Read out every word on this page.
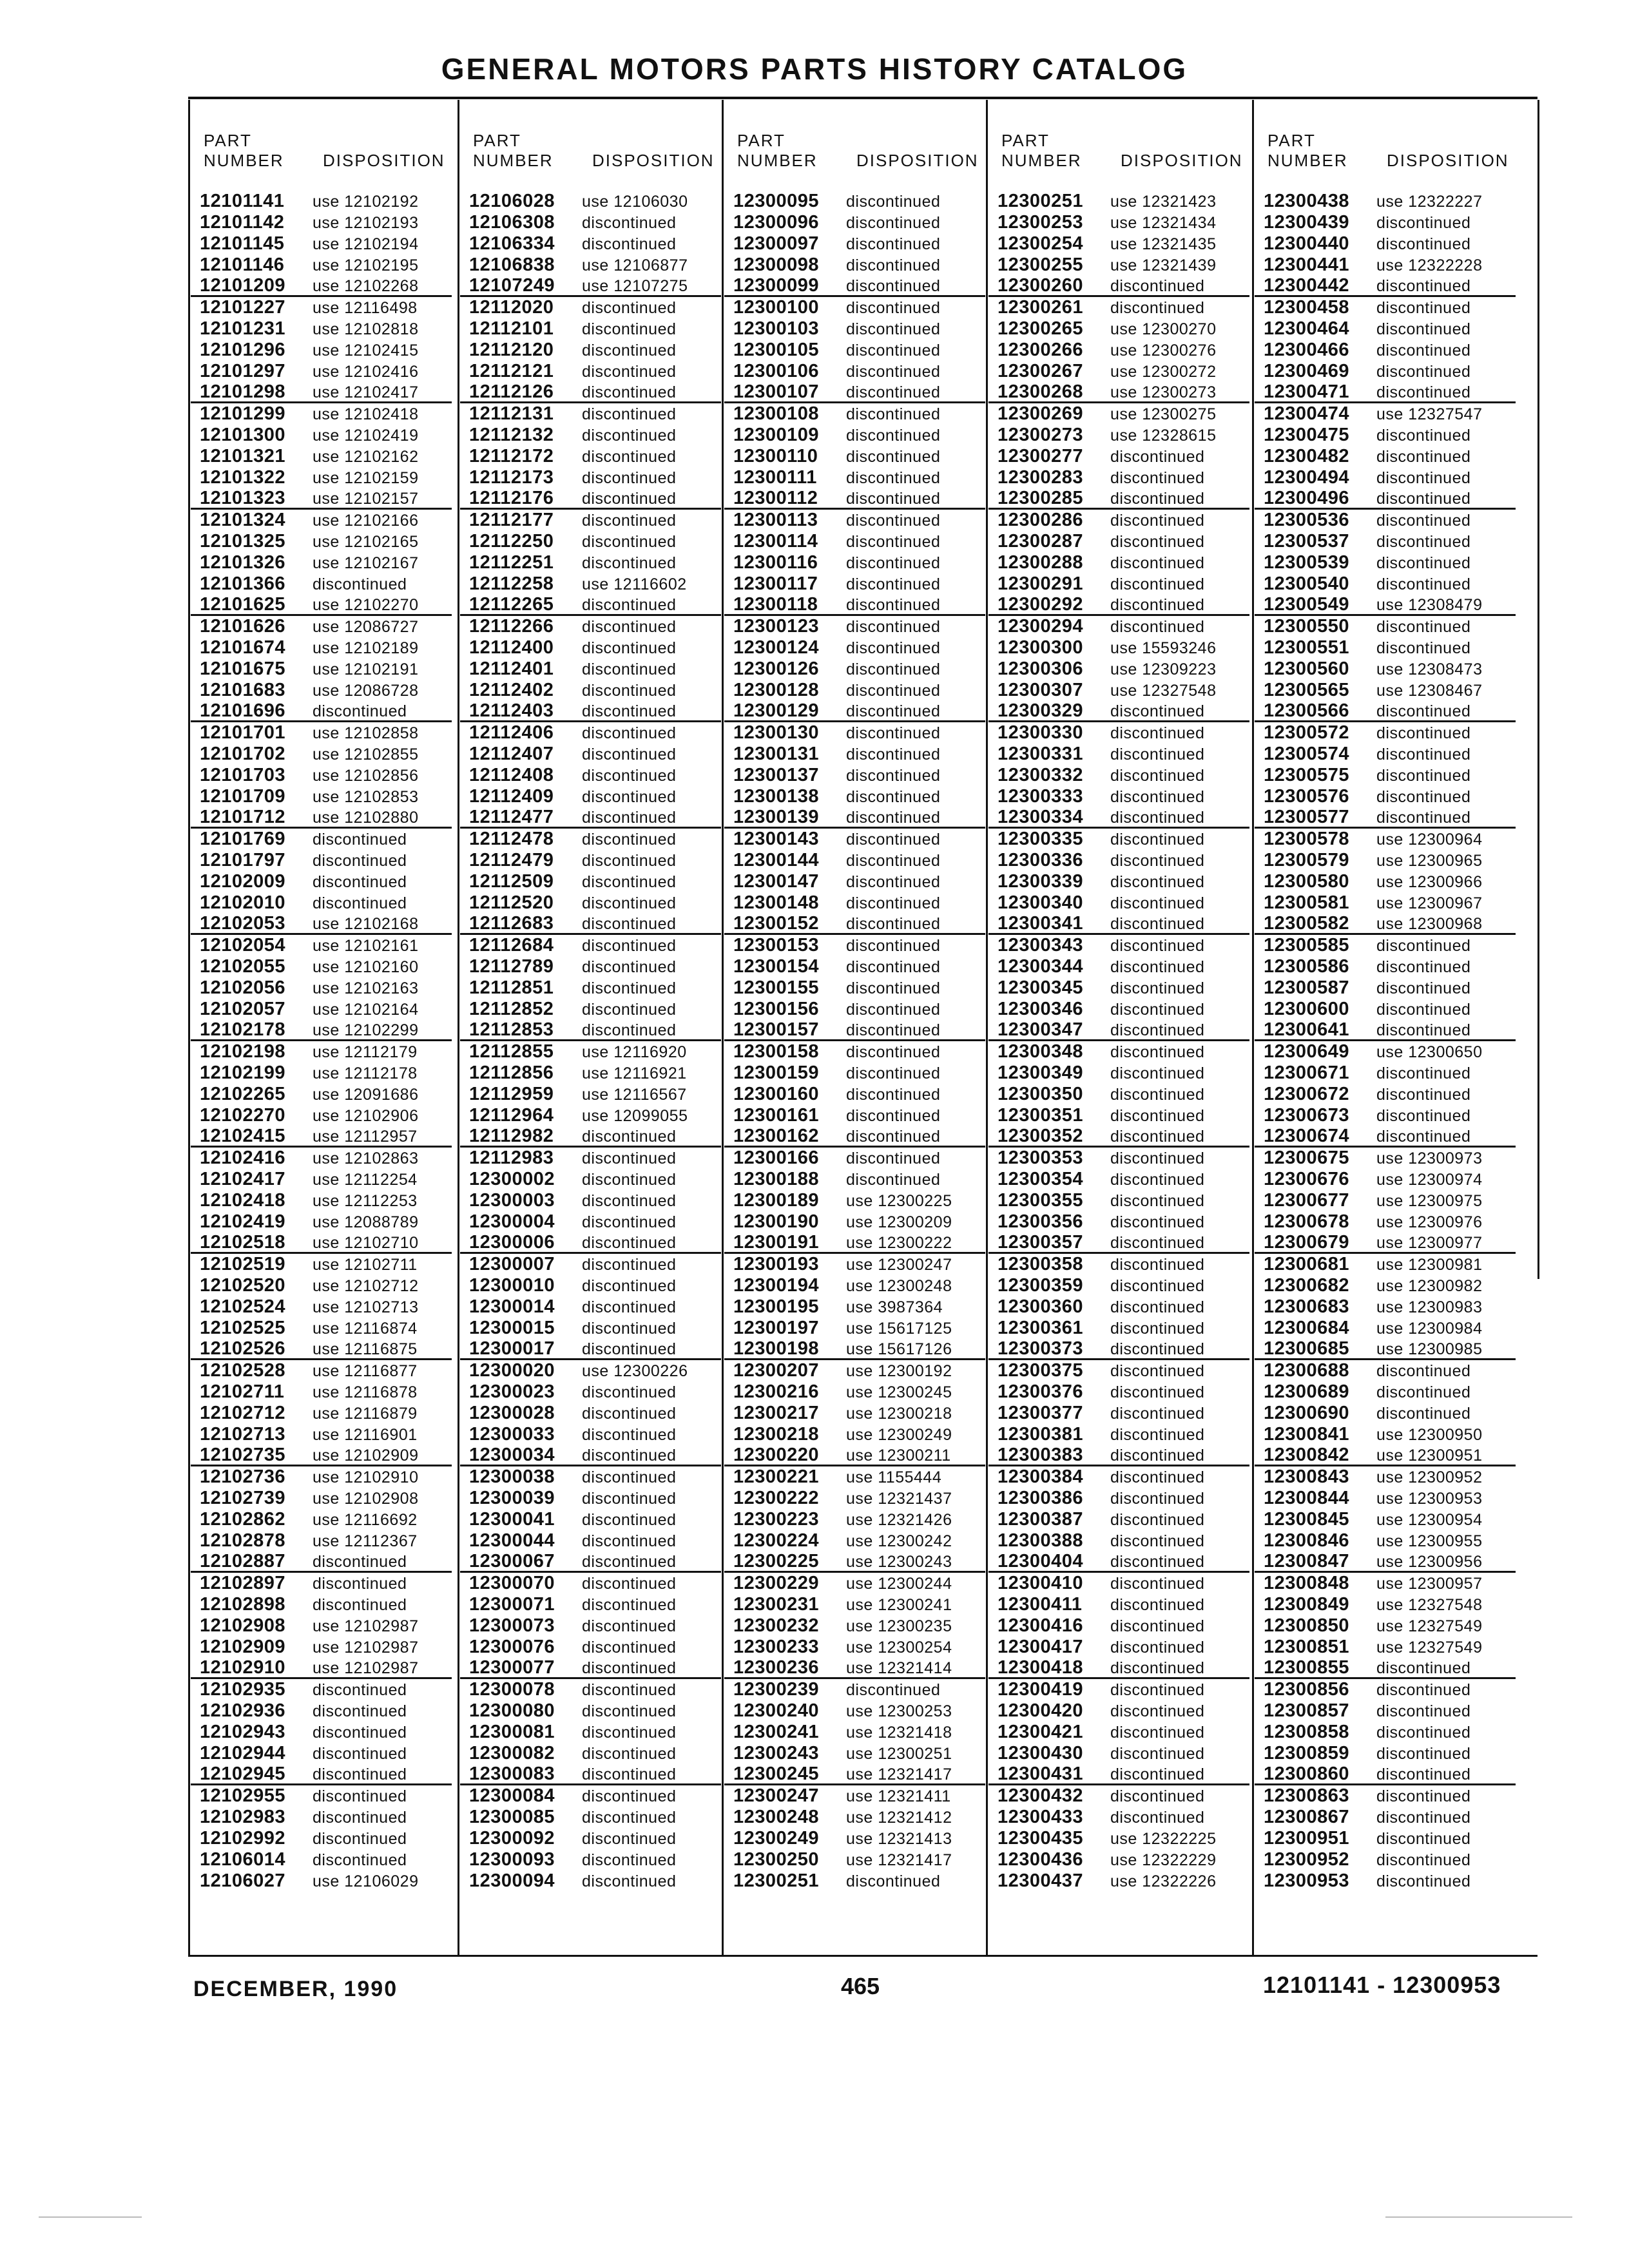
GENERAL MOTORS PARTS HISTORY CATALOG
PART
NUMBER DISPOSITION
12101141 use 12102192
12101142 use 12102193
12101145 use 12102194
12101146 use 12102195
12101209 use 12102268
12101227 use 12116498
12101231 use 12102818
12101296 use 12102415
12101297 use 12102416
12101298 use 12102417
12101299 use 12102418
12101300 use 12102419
12101321 use 12102162
12101322 use 12102159
12101323 use 12102157
12101324 use 12102166
12101325 use 12102165
12101326 use 12102167
12101366 discontinued
12101625 use 12102270
12101626 use 12086727
12101674 use 12102189
12101675 use 12102191
12101683 use 12086728
12101696 discontinued
12101701 use 12102858
12101702 use 12102855
12101703 use 12102856
12101709 use 12102853
12101712 use 12102880
12101769 discontinued
12101797 discontinued
12102009 discontinued
12102010 discontinued
12102053 use 12102168
12102054 use 12102161
12102055 use 12102160
12102056 use 12102163
12102057 use 12102164
12102178 use 12102299
12102198 use 12112179
12102199 use 12112178
12102265 use 12091686
12102270 use 12102906
12102415 use 12112957
12102416 use 12102863
12102417 use 12112254
12102418 use 12112253
12102419 use 12088789
12102518 use 12102710
12102519 use 12102711
12102520 use 12102712
12102524 use 12102713
12102525 use 12116874
12102526 use 12116875
12102528 use 12116877
12102711 use 12116878
12102712 use 12116879
12102713 use 12116901
12102735 use 12102909
12102736 use 12102910
12102739 use 12102908
12102862 use 12116692
12102878 use 12112367
12102887 discontinued
12102897 discontinued
12102898 discontinued
12102908 use 12102987
12102909 use 12102987
12102910 use 12102987
12102935 discontinued
12102936 discontinued
12102943 discontinued
12102944 discontinued
12102945 discontinued
12102955 discontinued
12102983 discontinued
12102992 discontinued
12106014 discontinued
12106027 use 12106029
PART
NUMBER DISPOSITION
12106028 use 12106030
12106308 discontinued
12106334 discontinued
12106838 use 12106877
12107249 use 12107275
12112020 discontinued
12112101 discontinued
12112120 discontinued
12112121 discontinued
12112126 discontinued
12112131 discontinued
12112132 discontinued
12112172 discontinued
12112173 discontinued
12112176 discontinued
12112177 discontinued
12112250 discontinued
12112251 discontinued
12112258 use 12116602
12112265 discontinued
12112266 discontinued
12112400 discontinued
12112401 discontinued
12112402 discontinued
12112403 discontinued
12112406 discontinued
12112407 discontinued
12112408 discontinued
12112409 discontinued
12112477 discontinued
12112478 discontinued
12112479 discontinued
12112509 discontinued
12112520 discontinued
12112683 discontinued
12112684 discontinued
12112789 discontinued
12112851 discontinued
12112852 discontinued
12112853 discontinued
12112855 use 12116920
12112856 use 12116921
12112959 use 12116567
12112964 use 12099055
12112982 discontinued
12112983 discontinued
12300002 discontinued
12300003 discontinued
12300004 discontinued
12300006 discontinued
12300007 discontinued
12300010 discontinued
12300014 discontinued
12300015 discontinued
12300017 discontinued
12300020 use 12300226
12300023 discontinued
12300028 discontinued
12300033 discontinued
12300034 discontinued
12300038 discontinued
12300039 discontinued
12300041 discontinued
12300044 discontinued
12300067 discontinued
12300070 discontinued
12300071 discontinued
12300073 discontinued
12300076 discontinued
12300077 discontinued
12300078 discontinued
12300080 discontinued
12300081 discontinued
12300082 discontinued
12300083 discontinued
12300084 discontinued
12300085 discontinued
12300092 discontinued
12300093 discontinued
12300094 discontinued
PART
NUMBER DISPOSITION
12300095 discontinued
12300096 discontinued
12300097 discontinued
12300098 discontinued
12300099 discontinued
12300100 discontinued
12300103 discontinued
12300105 discontinued
12300106 discontinued
12300107 discontinued
12300108 discontinued
12300109 discontinued
12300110 discontinued
12300111 discontinued
12300112 discontinued
12300113 discontinued
12300114 discontinued
12300116 discontinued
12300117 discontinued
12300118 discontinued
12300123 discontinued
12300124 discontinued
12300126 discontinued
12300128 discontinued
12300129 discontinued
12300130 discontinued
12300131 discontinued
12300137 discontinued
12300138 discontinued
12300139 discontinued
12300143 discontinued
12300144 discontinued
12300147 discontinued
12300148 discontinued
12300152 discontinued
12300153 discontinued
12300154 discontinued
12300155 discontinued
12300156 discontinued
12300157 discontinued
12300158 discontinued
12300159 discontinued
12300160 discontinued
12300161 discontinued
12300162 discontinued
12300166 discontinued
12300188 discontinued
12300189 use 12300225
12300190 use 12300209
12300191 use 12300222
12300193 use 12300247
12300194 use 12300248
12300195 use 3987364
12300197 use 15617125
12300198 use 15617126
12300207 use 12300192
12300216 use 12300245
12300217 use 12300218
12300218 use 12300249
12300220 use 12300211
12300221 use 1155444
12300222 use 12321437
12300223 use 12321426
12300224 use 12300242
12300225 use 12300243
12300229 use 12300244
12300231 use 12300241
12300232 use 12300235
12300233 use 12300254
12300236 use 12321414
12300239 discontinued
12300240 use 12300253
12300241 use 12321418
12300243 use 12300251
12300245 use 12321417
12300247 use 12321411
12300248 use 12321412
12300249 use 12321413
12300250 use 12321417
12300251 discontinued
PART
NUMBER DISPOSITION
12300251 use 12321423
12300253 use 12321434
12300254 use 12321435
12300255 use 12321439
12300260 discontinued
12300261 discontinued
12300265 use 12300270
12300266 use 12300276
12300267 use 12300272
12300268 use 12300273
12300269 use 12300275
12300273 use 12328615
12300277 discontinued
12300283 discontinued
12300285 discontinued
12300286 discontinued
12300287 discontinued
12300288 discontinued
12300291 discontinued
12300292 discontinued
12300294 discontinued
12300300 use 15593246
12300306 use 12309223
12300307 use 12327548
12300329 discontinued
12300330 discontinued
12300331 discontinued
12300332 discontinued
12300333 discontinued
12300334 discontinued
12300335 discontinued
12300336 discontinued
12300339 discontinued
12300340 discontinued
12300341 discontinued
12300343 discontinued
12300344 discontinued
12300345 discontinued
12300346 discontinued
12300347 discontinued
12300348 discontinued
12300349 discontinued
12300350 discontinued
12300351 discontinued
12300352 discontinued
12300353 discontinued
12300354 discontinued
12300355 discontinued
12300356 discontinued
12300357 discontinued
12300358 discontinued
12300359 discontinued
12300360 discontinued
12300361 discontinued
12300373 discontinued
12300375 discontinued
12300376 discontinued
12300377 discontinued
12300381 discontinued
12300383 discontinued
12300384 discontinued
12300386 discontinued
12300387 discontinued
12300388 discontinued
12300404 discontinued
12300410 discontinued
12300411 discontinued
12300416 discontinued
12300417 discontinued
12300418 discontinued
12300419 discontinued
12300420 discontinued
12300421 discontinued
12300430 discontinued
12300431 discontinued
12300432 discontinued
12300433 discontinued
12300435 use 12322225
12300436 use 12322229
12300437 use 12322226
PART
NUMBER DISPOSITION
12300438 use 12322227
12300439 discontinued
12300440 discontinued
12300441 use 12322228
12300442 discontinued
12300458 discontinued
12300464 discontinued
12300466 discontinued
12300469 discontinued
12300471 discontinued
12300474 use 12327547
12300475 discontinued
12300482 discontinued
12300494 discontinued
12300496 discontinued
12300536 discontinued
12300537 discontinued
12300539 discontinued
12300540 discontinued
12300549 use 12308479
12300550 discontinued
12300551 discontinued
12300560 use 12308473
12300565 use 12308467
12300566 discontinued
12300572 discontinued
12300574 discontinued
12300575 discontinued
12300576 discontinued
12300577 discontinued
12300578 use 12300964
12300579 use 12300965
12300580 use 12300966
12300581 use 12300967
12300582 use 12300968
12300585 discontinued
12300586 discontinued
12300587 discontinued
12300600 discontinued
12300641 discontinued
12300649 use 12300650
12300671 discontinued
12300672 discontinued
12300673 discontinued
12300674 discontinued
12300675 use 12300973
12300676 use 12300974
12300677 use 12300975
12300678 use 12300976
12300679 use 12300977
12300681 use 12300981
12300682 use 12300982
12300683 use 12300983
12300684 use 12300984
12300685 use 12300985
12300688 discontinued
12300689 discontinued
12300690 discontinued
12300841 use 12300950
12300842 use 12300951
12300843 use 12300952
12300844 use 12300953
12300845 use 12300954
12300846 use 12300955
12300847 use 12300956
12300848 use 12300957
12300849 use 12327548
12300850 use 12327549
12300851 use 12327549
12300855 discontinued
12300856 discontinued
12300857 discontinued
12300858 discontinued
12300859 discontinued
12300860 discontinued
12300863 discontinued
12300867 discontinued
12300951 discontinued
12300952 discontinued
12300953 discontinued
DECEMBER, 1990	465	12101141 - 12300953
